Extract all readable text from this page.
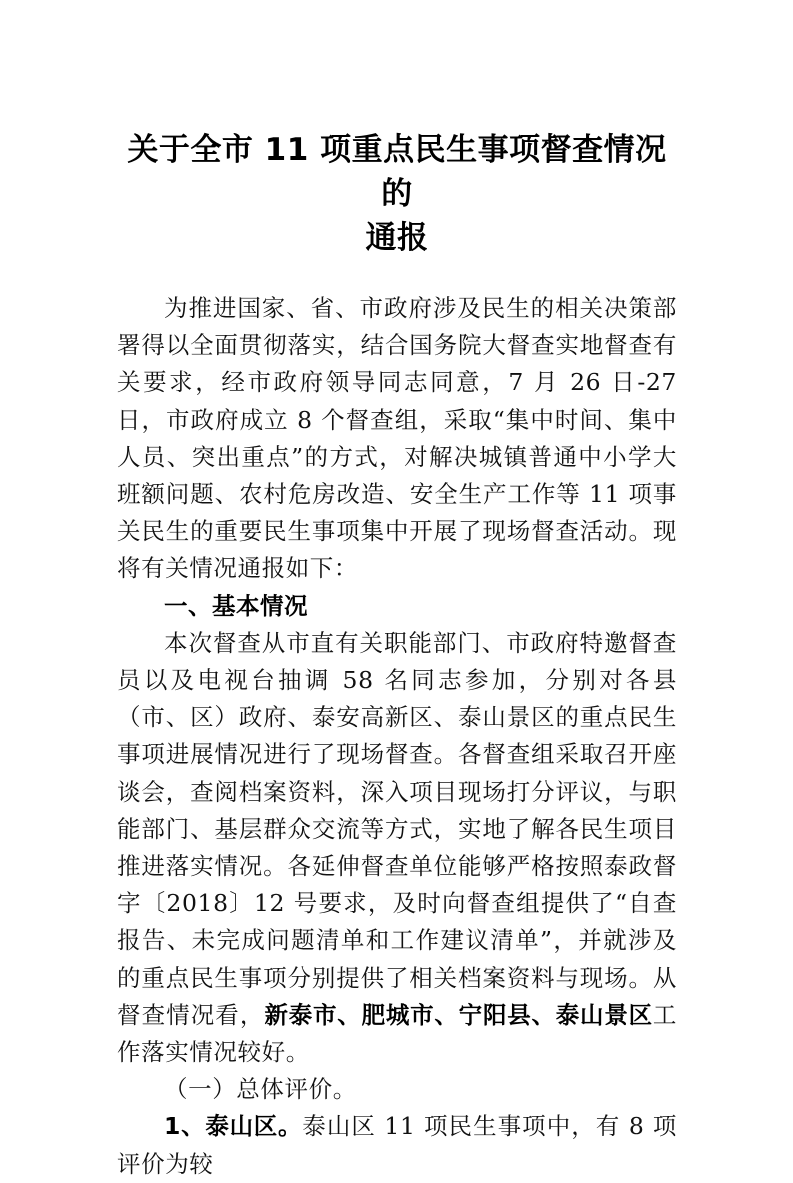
关于全市 11 项重点民生事项督查情况的
通报

为推进国家、省、市政府涉及民生的相关决策部署得以全面贯彻落实，结合国务院大督查实地督查有关要求，经市政府领导同志同意，7 月 26 日-27 日，市政府成立 8 个督查组，采取“集中时间、集中人员、突出重点”的方式，对解决城镇普通中小学大班额问题、农村危房改造、安全生产工作等 11 项事关民生的重要民生事项集中开展了现场督查活动。现将有关情况通报如下：

一、基本情况

本次督查从市直有关职能部门、市政府特邀督查员以及电视台抽调 58 名同志参加，分别对各县（市、区）政府、泰安高新区、泰山景区的重点民生事项进展情况进行了现场督查。各督查组采取召开座谈会，查阅档案资料，深入项目现场打分评议，与职能部门、基层群众交流等方式，实地了解各民生项目推进落实情况。各延伸督查单位能够严格按照泰政督字〔2018〕12 号要求，及时向督查组提供了“自查报告、未完成问题清单和工作建议清单”，并就涉及的重点民生事项分别提供了相关档案资料与现场。从督查情况看，新泰市、肥城市、宁阳县、泰山景区工作落实情况较好。

（一）总体评价。

1、泰山区。泰山区 11 项民生事项中，有 8 项评价为较
